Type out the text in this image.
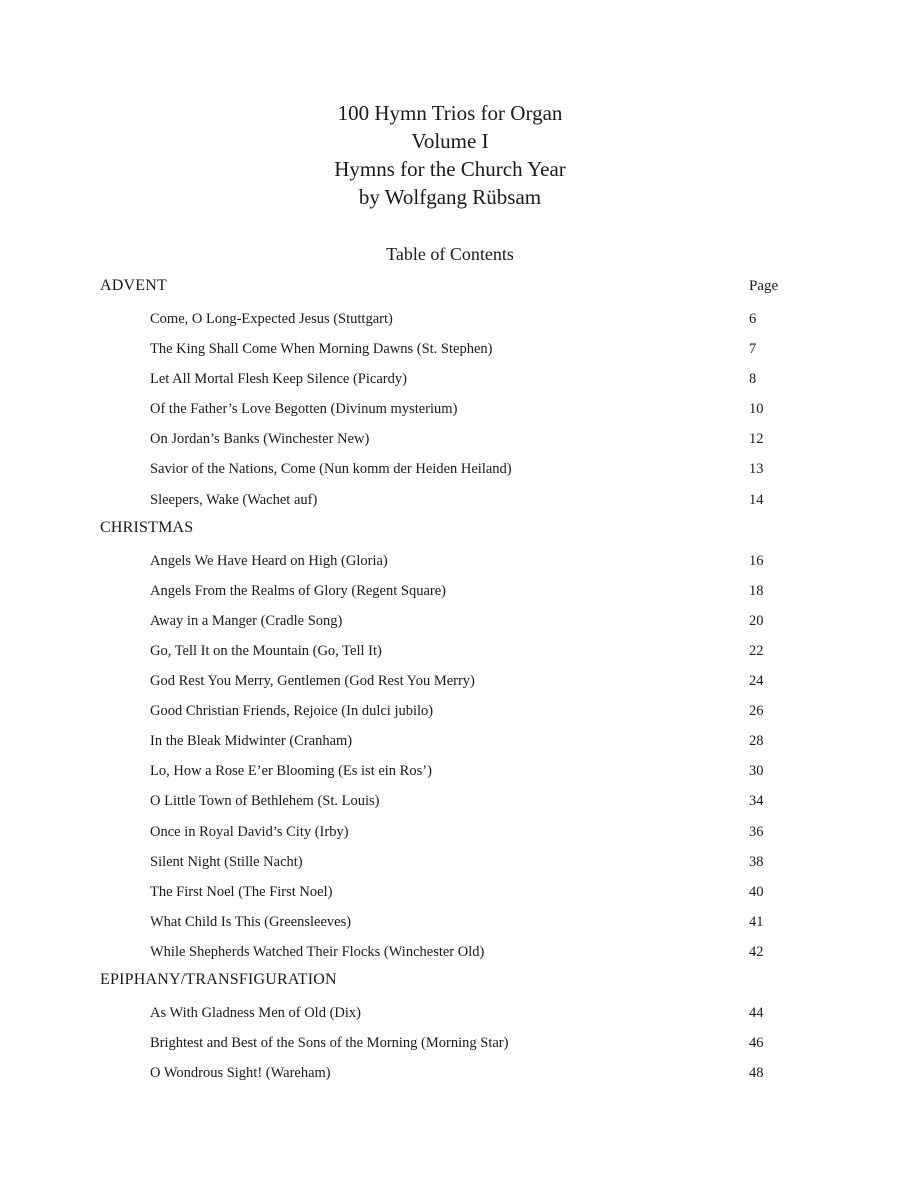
100 Hymn Trios for Organ

Volume I

Hymns for the Church Year

by Wolfgang Rübsam

Table of Contents
ADVENT	Page
Come, O Long-Expected Jesus (Stuttgart)	6
The King Shall Come When Morning Dawns (St. Stephen)	7
Let All Mortal Flesh Keep Silence (Picardy)	8
Of the Father’s Love Begotten (Divinum mysterium)	10
On Jordan’s Banks (Winchester New)	12
Savior of the Nations, Come (Nun komm der Heiden Heiland)	13
Sleepers, Wake (Wachet auf)	14
CHRISTMAS
Angels We Have Heard on High (Gloria)	16
Angels From the Realms of Glory (Regent Square)	18
Away in a Manger (Cradle Song)	20
Go, Tell It on the Mountain (Go, Tell It)	22
God Rest You Merry, Gentlemen (God Rest You Merry)	24
Good Christian Friends, Rejoice (In dulci jubilo)	26
In the Bleak Midwinter (Cranham)	28
Lo, How a Rose E’er Blooming (Es ist ein Ros’)	30
O Little Town of Bethlehem (St. Louis)	34
Once in Royal David’s City (Irby)	36
Silent Night (Stille Nacht)	38
The First Noel (The First Noel)	40
What Child Is This (Greensleeves)	41
While Shepherds Watched Their Flocks (Winchester Old)	42
EPIPHANY/TRANSFIGURATION
As With Gladness Men of Old (Dix)	44
Brightest and Best of the Sons of the Morning (Morning Star)	46
O Wondrous Sight! (Wareham)	48
